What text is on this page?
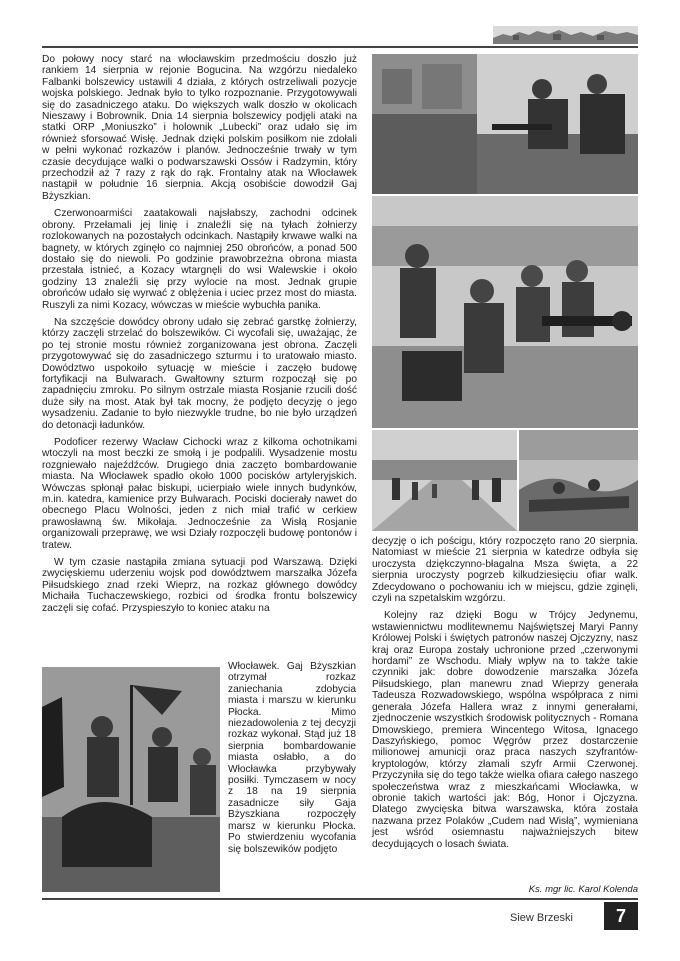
Do połowy nocy starć na włocławskim przedmościu doszło już rankiem 14 sierpnia w rejonie Bogucina. Na wzgórzu niedaleko Falbanki bolszewicy ustawili 4 działa, z których ostrzeliwali pozycje wojska polskiego. Jednak było to tylko rozpoznanie. Przygotowywali się do zasadniczego ataku. Do większych walk doszło w okolicach Nieszawy i Bobrownik. Dnia 14 sierpnia bolszewicy podjęli ataki na statki ORP „Moniuszko” i holownik „Lubecki” oraz udało się im również sforsować Wisłę. Jednak dzięki polskim posiłkom nie zdołali w pełni wykonać rozkazów i planów. Jednocześnie trwały w tym czasie decydujące walki o podwarszawski Ossów i Radzymin, który przechodził aż 7 razy z rąk do rąk. Frontalny atak na Włocławek nastąpił w południe 16 sierpnia. Akcją osobiście dowodził Gaj Bżyszkian.

Czerwonoarmiści zaatakowali najsłabszy, zachodni odcinek obrony. Przełamali jej linię i znaleźli się na tyłach żołnierzy rozlokowanych na pozostałych odcinkach. Nastąpiły krwawe walki na bagnety, w których zginęło co najmniej 250 obrońców, a ponad 500 dostało się do niewoli. Po godzinie prawobrzeżna obrona miasta przestała istnieć, a Kozacy wtargnęli do wsi Walewskie i około godziny 13 znaleźli się przy wylocie na most. Jednak grupie obrońców udało się wyrwać z oblężenia i uciec przez most do miasta. Ruszyli za nimi Kozacy, wówczas w mieście wybuchła panika.

Na szczęście dowódcy obrony udało się zebrać garstkę żołnierzy, którzy zaczęli strzelać do bolszewików. Ci wycofali się, uważając, że po tej stronie mostu również zorganizowana jest obrona. Zaczęli przygotowywać się do zasadniczego szturmu i to uratowało miasto. Dowództwo uspokoiło sytuację w mieście i zaczęło budowę fortyfikacji na Bulwarach. Gwałtowny szturm rozpoczął się po zapadnięciu zmroku. Po silnym ostrzale miasta Rosjanie rzucili dość duże siły na most. Atak był tak mocny, że podjęto decyzję o jego wysadzeniu. Zadanie to było niezwykle trudne, bo nie było urządzeń do detonacji ładunków.

Podoficer rezerwy Wacław Cichocki wraz z kilkoma ochotnikami wtoczyli na most beczki ze smołą i je podpalili. Wysadzenie mostu rozgniewało najeźdźców. Drugiego dnia zaczęto bombardowanie miasta. Na Włocławek spadło około 1000 pocisków artyleryjskich. Wówczas spłonął pałac biskupi, ucierpiało wiele innych budynków, m.in. katedra, kamienice przy Bulwarach. Pociski docierały nawet do obecnego Placu Wolności, jeden z nich miał trafić w cerkiew prawosławną św. Mikołaja. Jednocześnie za Wisłą Rosjanie organizowali przeprawę, we wsi Działy rozpoczęli budowę pontonów i tratew.

W tym czasie nastąpiła zmiana sytuacji pod Warszawą. Dzięki zwycięskiemu uderzeniu wojsk pod dowództwem marszałka Józefa Piłsudskiego znad rzeki Wieprz, na rozkaz głównego dowódcy Michaiła Tuchaczewskiego, rozbici od środka frontu bolszewicy zaczęli się cofać. Przyspieszyło to koniec ataku na

Włocławek. Gaj Bżyszkian otrzymał rozkaz zaniechania zdobycia miasta i marszu w kierunku Płocka. Mimo niezadowolenia z tej decyzji rozkaz wykonał. Stąd już 18 sierpnia bombardowanie miasta osłabło, a do Włocławka przybywały posiłki. Tymczasem w nocy z 18 na 19 sierpnia zasadnicze siły Gaja Bżyszkiana rozpoczęły marsz w kierunku Płocka. Po stwierdzeniu wycofania się bolszewików podjęto

decyzję o ich pościgu, który rozpoczęto rano 20 sierpnia. Natomiast w mieście 21 sierpnia w katedrze odbyła się uroczysta dziękczynno-błagalna Msza święta, a 22 sierpnia uroczysty pogrzeb kilkudziesięciu ofiar walk. Zdecydowano o pochowaniu ich w miejscu, gdzie zginęli, czyli na szpetalskim wzgórzu.

Kolejny raz dzięki Bogu w Trójcy Jedynemu, wstawiennictwu modlitewnemu Najświętszej Maryi Panny Królowej Polski i świętych patronów naszej Ojczyzny, nasz kraj oraz Europa zostały uchronione przed „czerwonymi hordami” ze Wschodu. Miały wpływ na to także takie czynniki jak: dobre dowodzenie marszałka Józefa Piłsudskiego, plan manewru znad Wieprzy generała Tadeusza Rozwadowskiego, wspólna współpraca z nimi generała Józefa Hallera wraz z innymi generałami, zjednoczenie wszystkich środowisk politycznych - Romana Dmowskiego, premiera Wincentego Witosa, Ignacego Daszyńskiego, pomoc Węgrów przez dostarczenie milionowej amunicji oraz praca naszych szyfrantów-kryptologów, którzy złamali szyfr Armii Czerwonej. Przyczyniła się do tego także wielka ofiara całego naszego społeczeństwa wraz z mieszkańcami Włocławka, w obronie takich wartości jak: Bóg, Honor i Ojczyzna. Dlatego zwycięska bitwa warszawska, która została nazwana przez Polaków „Cudem nad Wisłą”, wymieniana jest wśród osiemnastu najważniejszych bitew decydujących o losach świata.

Ks. mgr lic. Karol Kolenda
Siew Brzeski	7
